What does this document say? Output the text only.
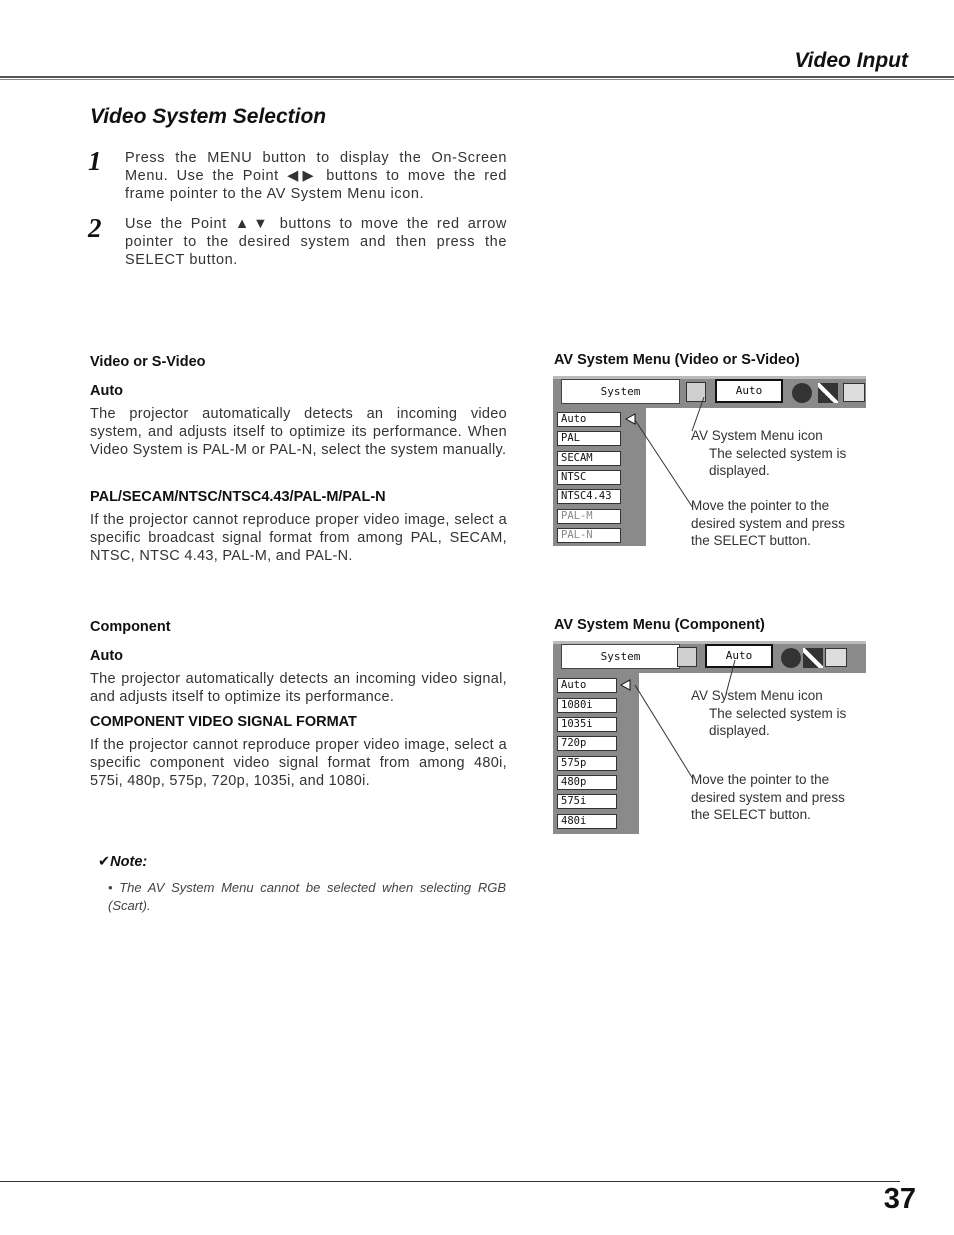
Video Input
Video System Selection
1 Press the MENU button to display the On-Screen Menu. Use the Point ◀▶ buttons to move the red frame pointer to the AV System Menu icon.
2 Use the Point ▲▼ buttons to move the red arrow pointer to the desired system and then press the SELECT button.
Video or S-Video
Auto
The projector automatically detects an incoming video system, and adjusts itself to optimize its performance. When Video System is PAL-M or PAL-N, select the system manually.
PAL/SECAM/NTSC/NTSC4.43/PAL-M/PAL-N
If the projector cannot reproduce proper video image, select a specific broadcast signal format from among PAL, SECAM, NTSC, NTSC 4.43, PAL-M, and PAL-N.
AV System Menu (Video or S-Video)
System	Auto
Auto
PAL
SECAM
NTSC
NTSC4.43
PAL-M
PAL-N
AV System Menu icon
The selected system is displayed.
Move the pointer to the desired system and press the SELECT button.
Component
Auto
The projector automatically detects an incoming video signal, and adjusts itself to optimize its performance.
COMPONENT VIDEO SIGNAL FORMAT
If the projector cannot reproduce proper video image, select a specific component video signal format from among 480i, 575i, 480p, 575p, 720p, 1035i, and 1080i.
AV System Menu (Component)
System	Auto
Auto
1080i
1035i
720p
575p
480p
575i
480i
AV System Menu icon
The selected system is displayed.
Move the pointer to the desired system and press the SELECT button.
✔Note:
• The AV System Menu cannot be selected when selecting RGB (Scart).
37
